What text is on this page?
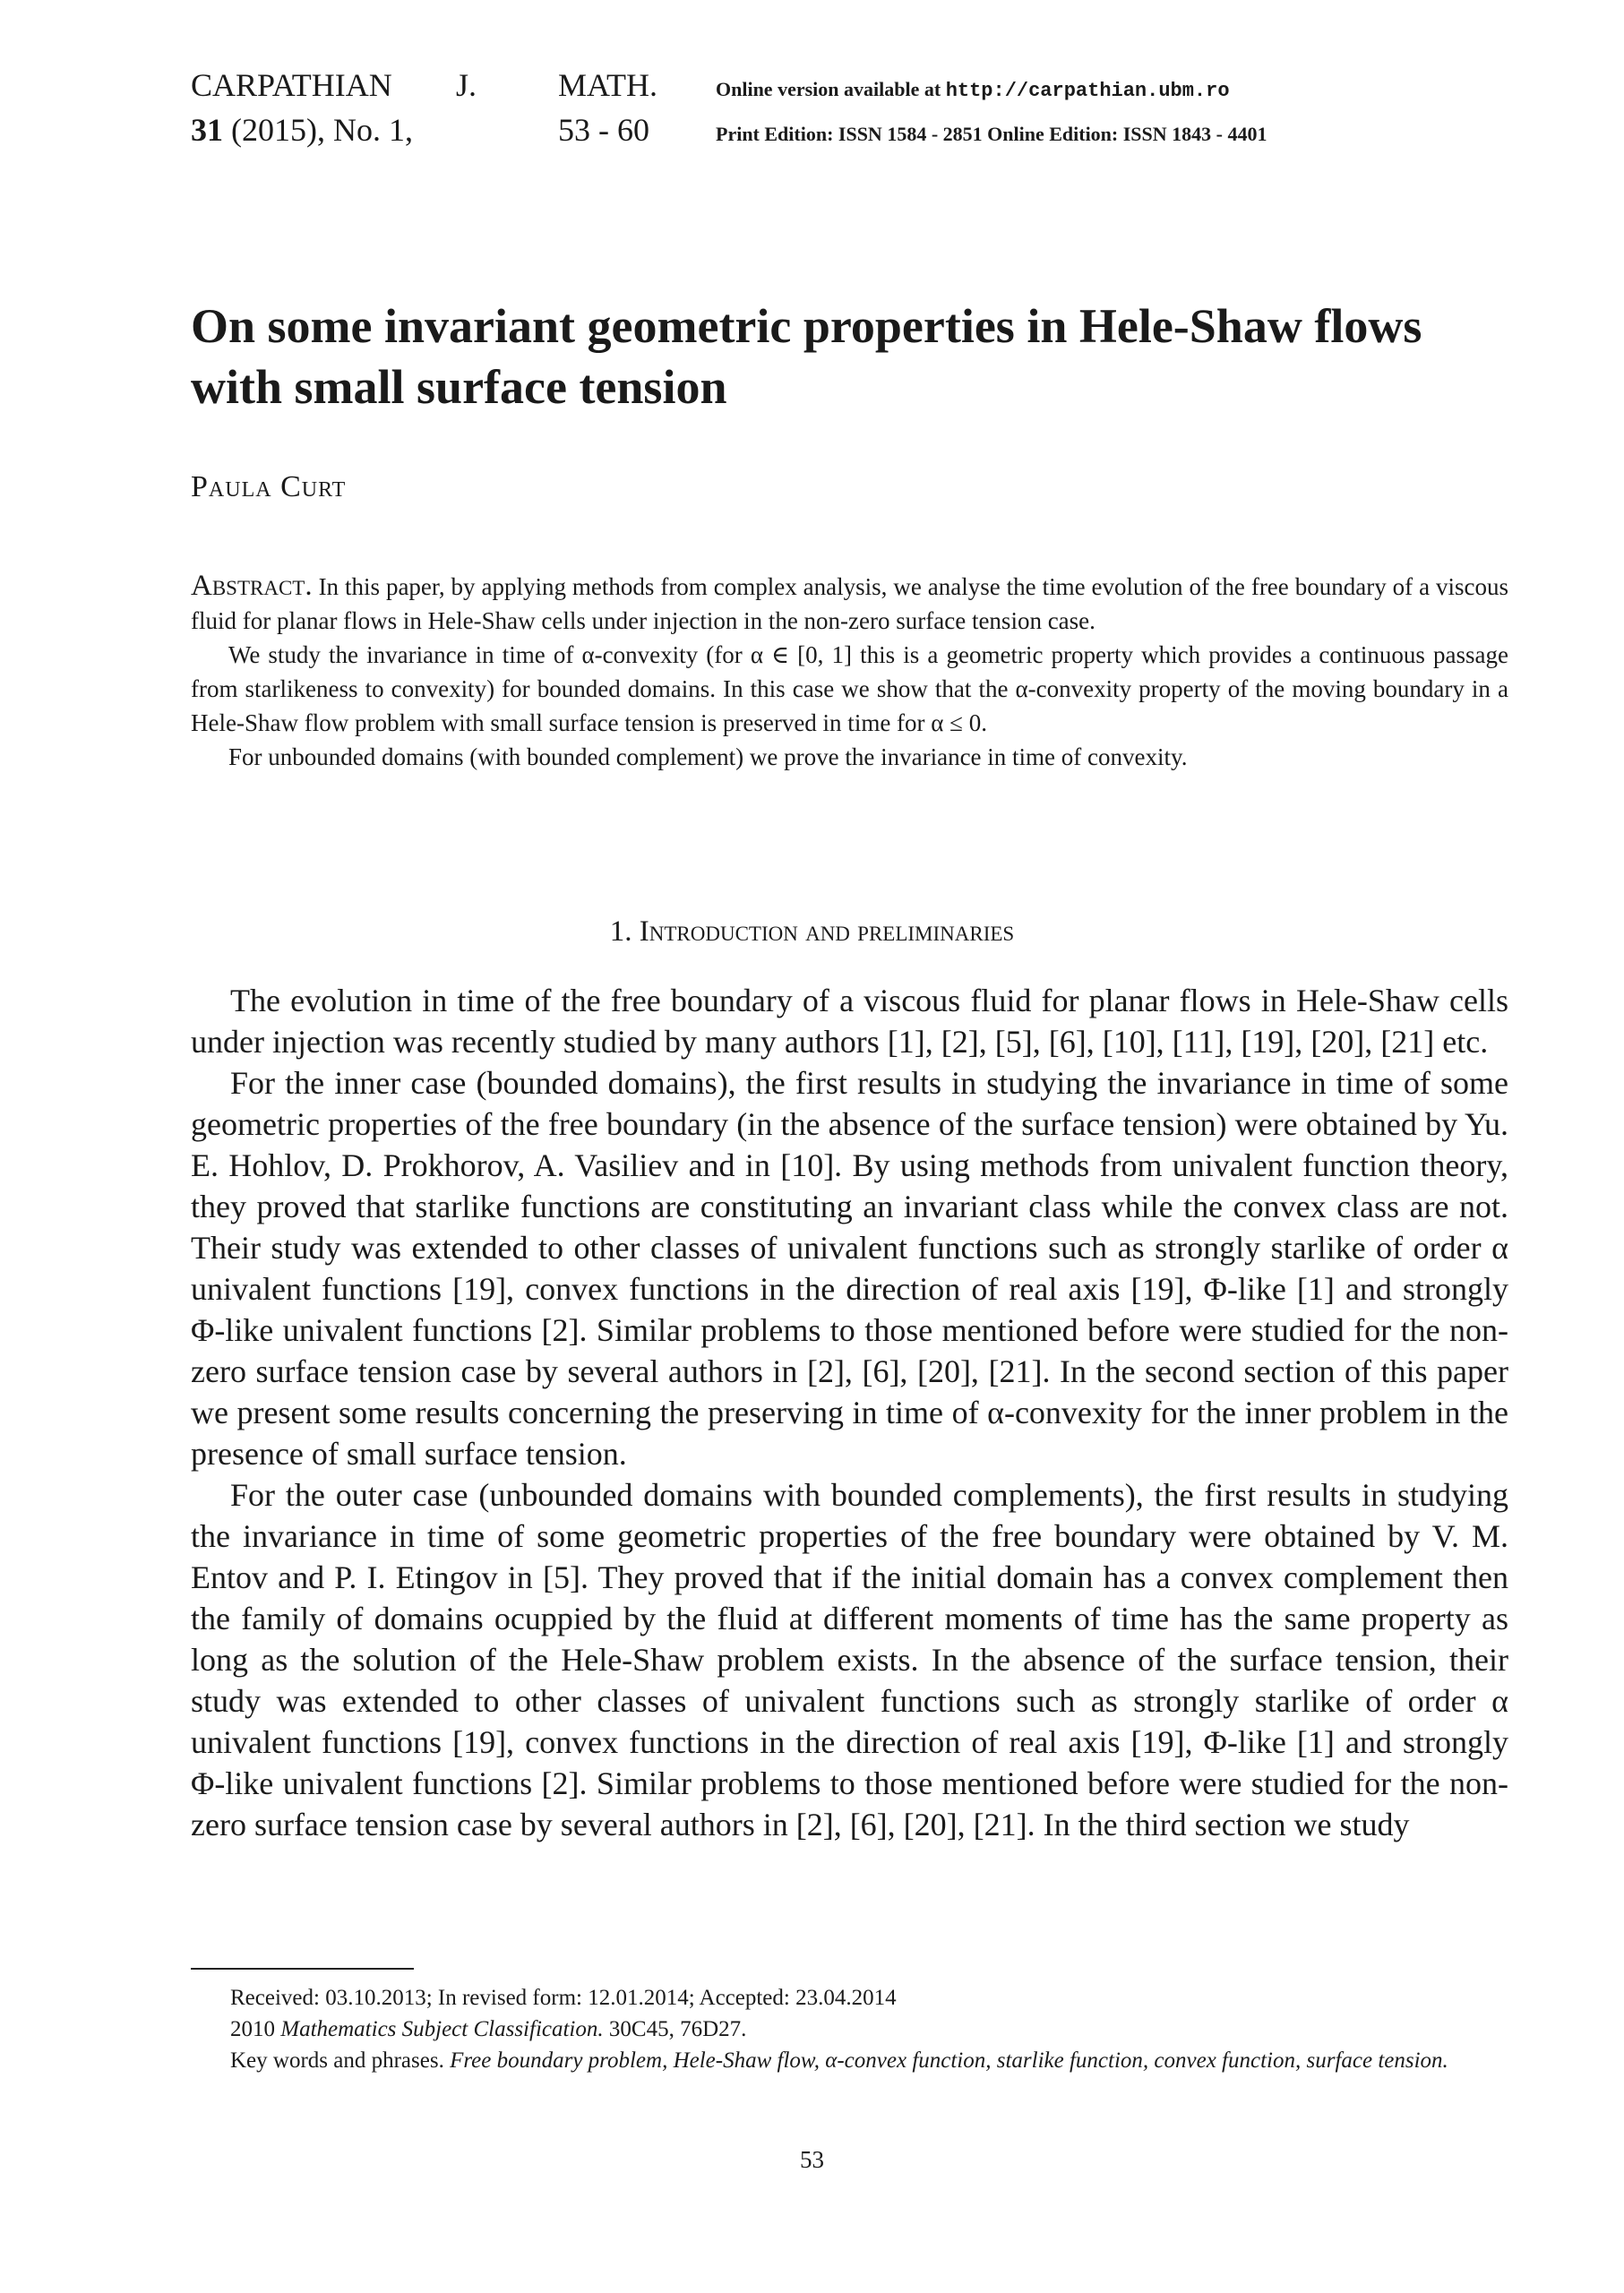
CARPATHIAN	J.	MATH.
31 (2015), No. 1,	53 - 60
Online version available at http://carpathian.ubm.ro
Print Edition: ISSN 1584 - 2851 Online Edition: ISSN 1843 - 4401
On some invariant geometric properties in Hele-Shaw flows with small surface tension
Paula Curt

Abstract. In this paper, by applying methods from complex analysis, we analyse the time evolution of the free boundary of a viscous fluid for planar flows in Hele-Shaw cells under injection in the non-zero surface tension case.

We study the invariance in time of α-convexity (for α ∈ [0, 1] this is a geometric property which provides a continuous passage from starlikeness to convexity) for bounded domains. In this case we show that the α-convexity property of the moving boundary in a Hele-Shaw flow problem with small surface tension is preserved in time for α ≤ 0.

For unbounded domains (with bounded complement) we prove the invariance in time of convexity.

1. Introduction and preliminaries

The evolution in time of the free boundary of a viscous fluid for planar flows in Hele-Shaw cells under injection was recently studied by many authors [1], [2], [5], [6], [10], [11], [19], [20], [21] etc.

For the inner case (bounded domains), the first results in studying the invariance in time of some geometric properties of the free boundary (in the absence of the surface tension) were obtained by Yu. E. Hohlov, D. Prokhorov, A. Vasiliev and in [10]. By using methods from univalent function theory, they proved that starlike functions are constituting an invariant class while the convex class are not. Their study was extended to other classes of univalent functions such as strongly starlike of order α univalent functions [19], convex functions in the direction of real axis [19], Φ-like [1] and strongly Φ-like univalent functions [2]. Similar problems to those mentioned before were studied for the non-zero surface tension case by several authors in [2], [6], [20], [21]. In the second section of this paper we present some results concerning the preserving in time of α-convexity for the inner problem in the presence of small surface tension.

For the outer case (unbounded domains with bounded complements), the first results in studying the invariance in time of some geometric properties of the free boundary were obtained by V. M. Entov and P. I. Etingov in [5]. They proved that if the initial domain has a convex complement then the family of domains ocuppied by the fluid at different moments of time has the same property as long as the solution of the Hele-Shaw problem exists. In the absence of the surface tension, their study was extended to other classes of univalent functions such as strongly starlike of order α univalent functions [19], convex functions in the direction of real axis [19], Φ-like [1] and strongly Φ-like univalent functions [2]. Similar problems to those mentioned before were studied for the non-zero surface tension case by several authors in [2], [6], [20], [21]. In the third section we study

Received: 03.10.2013; In revised form: 12.01.2014; Accepted: 23.04.2014

2010 Mathematics Subject Classification. 30C45, 76D27.

Key words and phrases. Free boundary problem, Hele-Shaw flow, α-convex function, starlike function, convex function, surface tension.

53
